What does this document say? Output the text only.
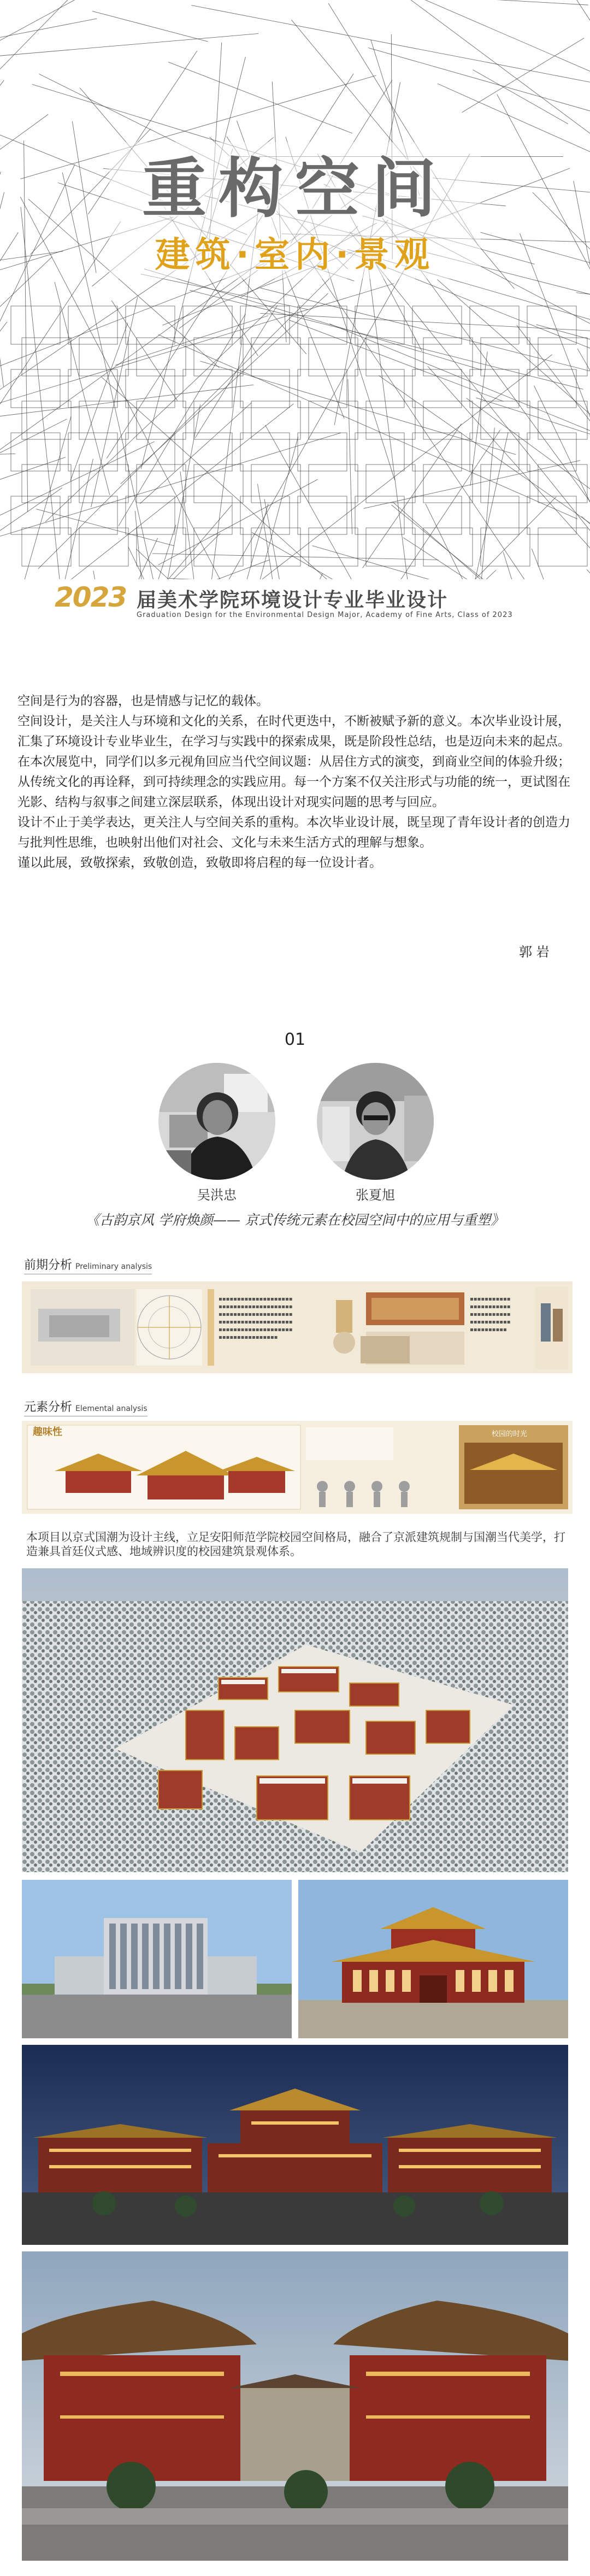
重构空间
建筑·室内·景观
2023 届美术学院环境设计专业毕业设计
Graduation Design for the Environmental Design Major, Academy of Fine Arts, Class of 2023

空间是行为的容器，也是情感与记忆的载体。

空间设计，是关注人与环境和文化的关系，在时代更迭中，不断被赋予新的意义。本次毕业设计展，汇集了环境设计专业毕业生，在学习与实践中的探索成果，既是阶段性总结，也是迈向未来的起点。

在本次展览中，同学们以多元视角回应当代空间议题：从居住方式的演变，到商业空间的体验升级；从传统文化的再诠释，到可持续理念的实践应用。每一个方案不仅关注形式与功能的统一，更试图在光影、结构与叙事之间建立深层联系，体现出设计对现实问题的思考与回应。

设计不止于美学表达，更关注人与空间关系的重构。本次毕业设计展，既呈现了青年设计者的创造力与批判性思维，也映射出他们对社会、文化与未来生活方式的理解与想象。

谨以此展，致敬探索，致敬创造，致敬即将启程的每一位设计者。

郭 岩
01
吴洪忠	张夏旭
《古韵京风 学府焕颜—— 京式传统元素在校园空间中的应用与重塑》
前期分析 Preliminary analysis
▪▪▪▪▪▪▪▪▪▪▪▪▪▪▪▪▪▪▪▪
▪▪▪▪▪▪▪▪▪▪▪▪▪▪▪▪▪▪▪▪
▪▪▪▪▪▪▪▪▪▪▪▪▪▪▪▪▪▪▪▪
▪▪▪▪▪▪▪▪▪▪▪▪▪▪▪▪▪▪▪▪
▪▪▪▪▪▪▪▪▪▪▪▪▪▪▪▪▪▪▪▪
▪▪▪▪▪▪▪▪▪▪▪▪▪▪▪▪
▪▪▪▪▪▪▪▪▪▪▪
▪▪▪▪▪▪▪▪▪▪▪
▪▪▪▪▪▪▪▪▪▪▪
▪▪▪▪▪▪▪▪▪▪▪
▪▪▪▪▪▪▪▪▪▪
元素分析 Elemental analysis
趣味性	校园的时光
本项目以京式国潮为设计主线，立足安阳师范学院校园空间格局，融合了京派建筑规制与国潮当代美学，打造兼具首廷仪式感、地域辨识度的校园建筑景观体系。
